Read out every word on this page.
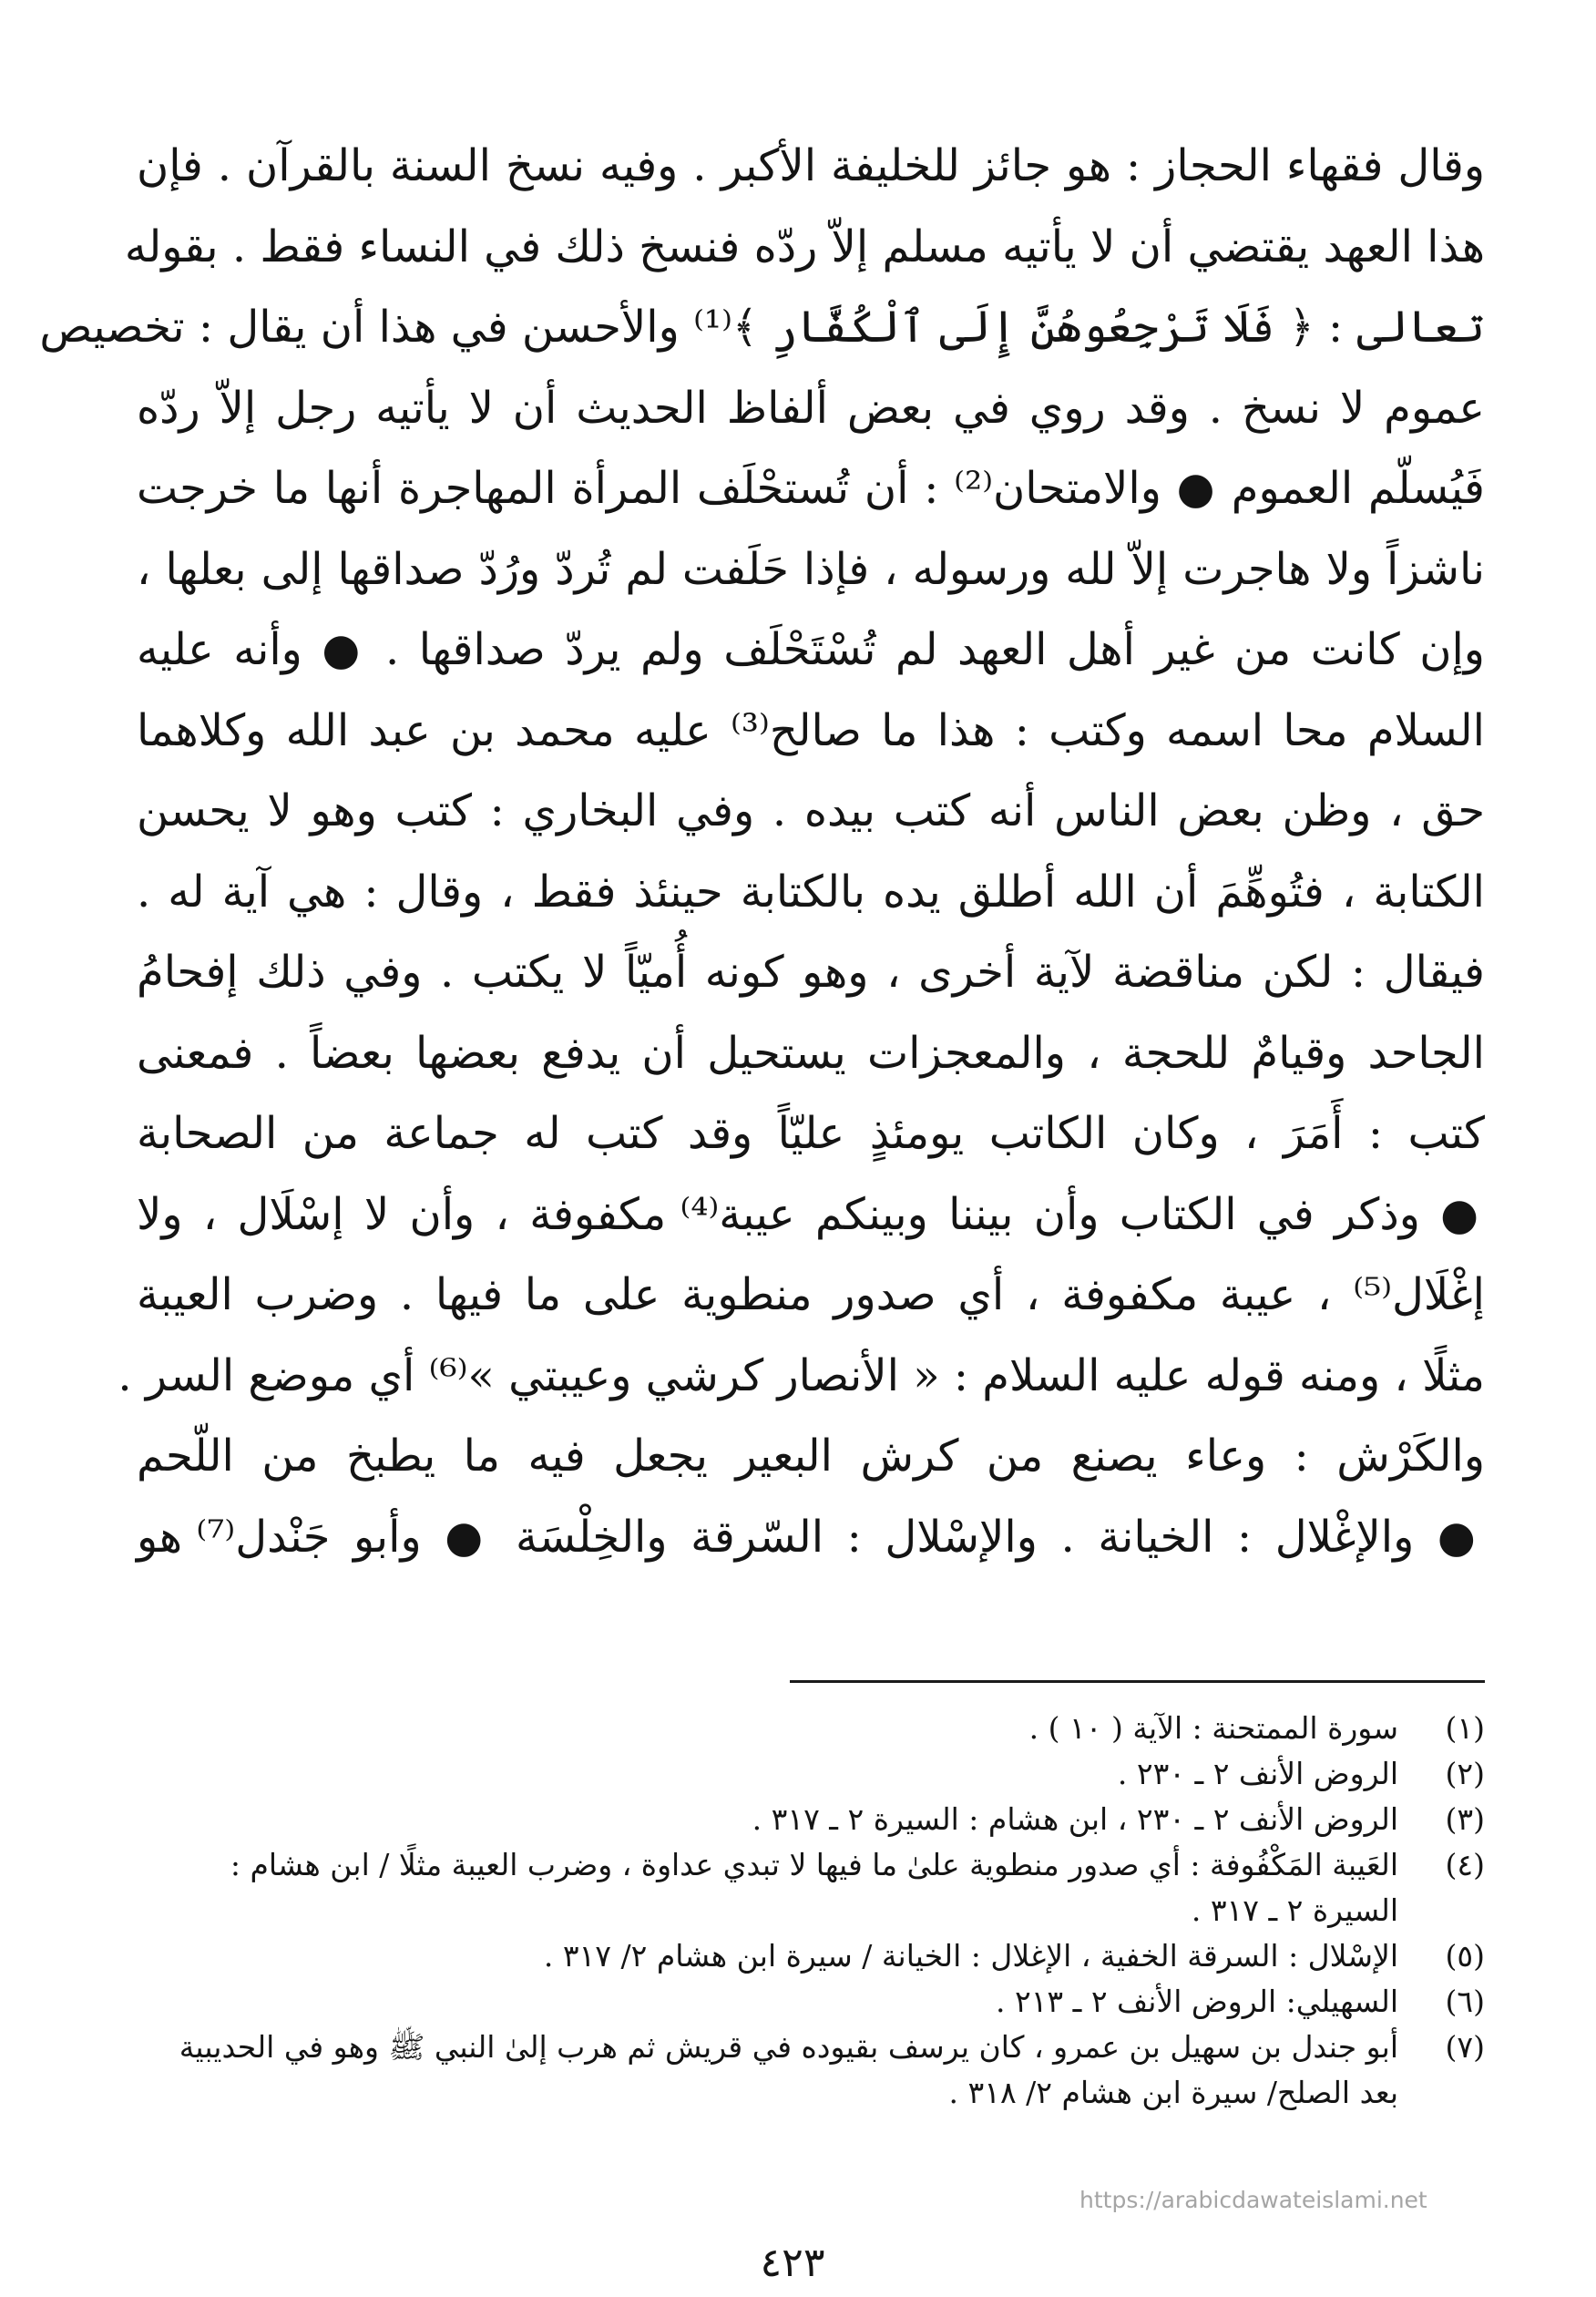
وقال فقهاء الحجاز : هو جائز للخليفة الأكبر . وفيه نسخ السنة بالقرآن . فإن
هذا العهد يقتضي أن لا يأتيه مسلم إلاّ ردّه فنسخ ذلك في النساء فقط . بقوله
تعالى : ﴿ فَلَا تَرْجِعُوهُنَّ إِلَى ٱلْكُفَّارِ ﴾⁽¹⁾ والأحسن في هذا أن يقال : تخصيص
عموم لا نسخ . وقد روي في بعض ألفاظ الحديث أن لا يأتيه رجل إلاّ ردّه
فَيُسلّم العموم ● والامتحان⁽²⁾ : أن تُستحْلَف المرأة المهاجرة أنها ما خرجت
ناشزاً ولا هاجرت إلاّ لله ورسوله ، فإذا حَلَفت لم تُردّ ورُدّ صداقها إلى بعلها ،
وإن كانت من غير أهل العهد لم تُسْتَحْلَف ولم يردّ صداقها . ● وأنه عليه
السلام محا اسمه وكتب : هذا ما صالح⁽³⁾ عليه محمد بن عبد الله وكلاهما
حق ، وظن بعض الناس أنه كتب بيده . وفي البخاري : كتب وهو لا يحسن
الكتابة ، فتُوهِّمَ أن الله أطلق يده بالكتابة حينئذ فقط ، وقال : هي آية له .
فيقال : لكن مناقضة لآية أخرى ، وهو كونه أُميّاً لا يكتب . وفي ذلك إفحامُ
الجاحد وقيامٌ للحجة ، والمعجزات يستحيل أن يدفع بعضها بعضاً . فمعنى
كتب : أَمَرَ ، وكان الكاتب يومئذٍ عليّاً وقد كتب له جماعة من الصحابة
● وذكر في الكتاب وأن بيننا وبينكم عيبة⁽⁴⁾ مكفوفة ، وأن لا إسْلَال ، ولا
إغْلَال⁽⁵⁾ ، عيبة مكفوفة ، أي صدور منطوية على ما فيها . وضرب العيبة
مثلًا ، ومنه قوله عليه السلام : « الأنصار كرشي وعيبتي »⁽⁶⁾ أي موضع السر .
والكَرْش : وعاء يصنع من كرش البعير يجعل فيه ما يطبخ من اللّحم
● والإغْلال : الخيانة . والإسْلال : السّرقة والخِلْسَة ● وأبو جَنْدل⁽⁷⁾ هو
(١)
سورة الممتحنة : الآية ( ١٠ ) .
(٢)
الروض الأنف ٢ ـ ٢٣٠ .
(٣)
الروض الأنف ٢ ـ ٢٣٠ ، ابن هشام : السيرة ٢ ـ ٣١٧ .
(٤)
العَيبة المَكْفُوفة : أي صدور منطوية علىٰ ما فيها لا تبدي عداوة ، وضرب العيبة مثلًا / ابن هشام : السيرة ٢ ـ ٣١٧ .
(٥)
الإسْلال : السرقة الخفية ، الإغلال : الخيانة / سيرة ابن هشام ٢/ ٣١٧ .
(٦)
السهيلي: الروض الأنف ٢ ـ ٢١٣ .
(٧)
أبو جندل بن سهيل بن عمرو ، كان يرسف بقيوده في قريش ثم هرب إلىٰ النبي ﷺ وهو في الحديبية بعد الصلح/ سيرة ابن هشام ٢/ ٣١٨ .
https://arabicdawateislami.net
٤٢٣
